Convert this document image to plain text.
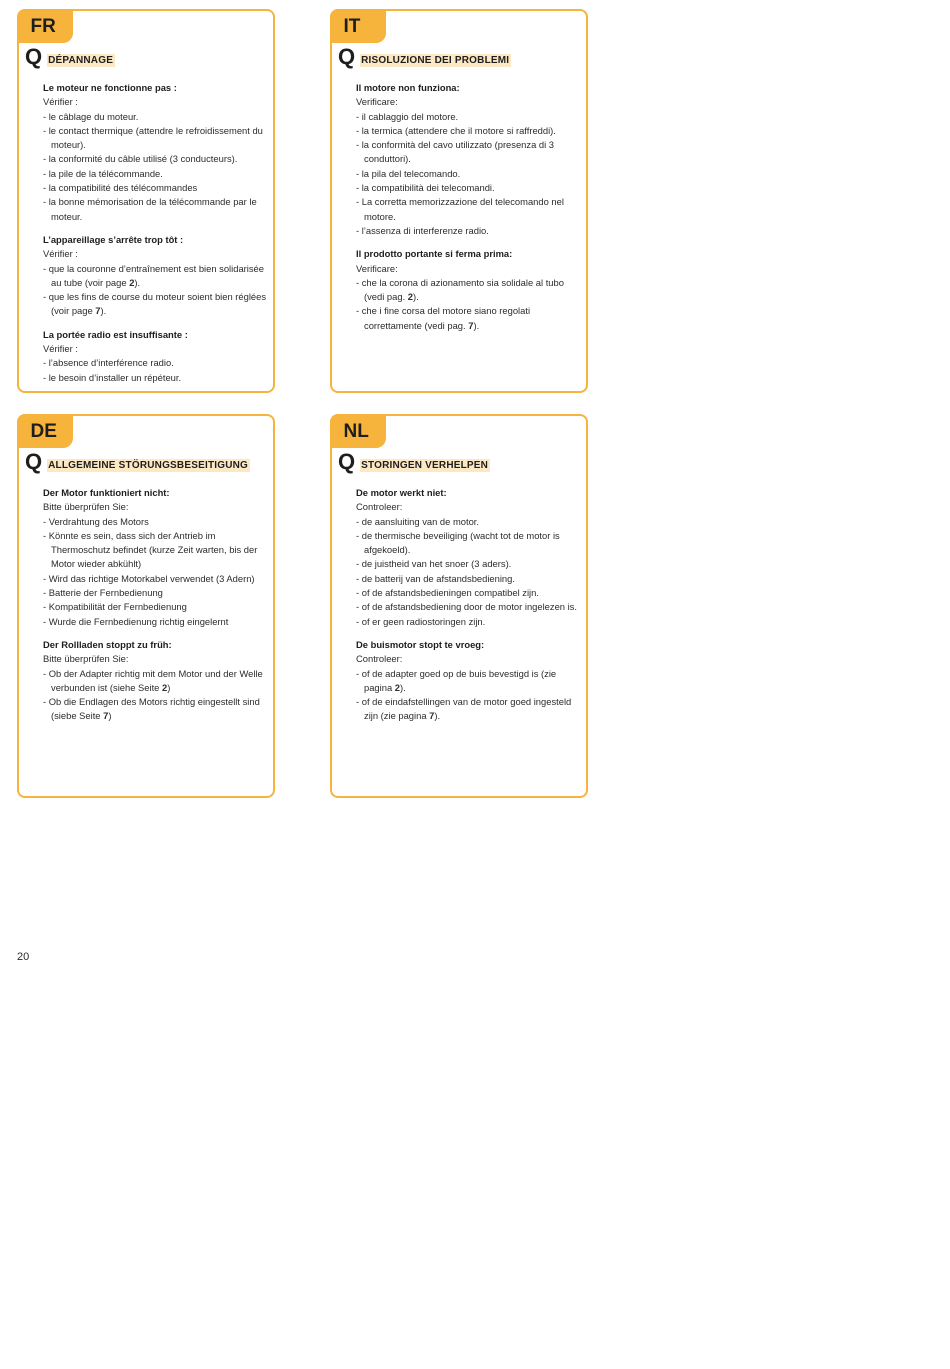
FR
Q DÉPANNAGE
Le moteur ne fonctionne pas :
Vérifier :
- le câblage du moteur.
- le contact thermique (attendre le refroidissement du moteur).
- la conformité du câble utilisé (3 conducteurs).
- la pile de la télécommande.
- la compatibilité des télécommandes
- la bonne mémorisation de la télécommande par le moteur.
L’appareillage s’arrête trop tôt :
Vérifier :
- que la couronne d’entraînement est bien solidarisée au tube (voir page 2).
- que les fins de course du moteur soient bien réglées (voir page 7).
La portée radio est insuffisante :
Vérifier :
- l’absence d’interférence radio.
- le besoin d’installer un répéteur.
IT
Q RISOLUZIONE DEI PROBLEMI
Il motore non funziona:
Verificare:
- il cablaggio del motore.
- la termica (attendere che il motore si raffreddi).
- la conformità del cavo utilizzato (presenza di 3 conduttori).
- la pila del telecomando.
- la compatibilità dei telecomandi.
- La corretta memorizzazione del telecomando nel motore.
- l’assenza di interferenze radio.
Il prodotto portante si ferma prima:
Verificare:
- che la corona di azionamento sia solidale al tubo (vedi pag. 2).
- che i fine corsa del motore siano regolati correttamente (vedi pag. 7).
DE
Q ALLGEMEINE STÖRUNGSBESEITIGUNG
Der Motor funktioniert nicht:
Bitte überprüfen Sie:
- Verdrahtung des Motors
- Könnte es sein, dass sich der Antrieb im Thermoschutz befindet (kurze Zeit warten, bis der Motor wieder abkühlt)
- Wird das richtige Motorkabel verwendet (3 Adern)
- Batterie der Fernbedienung
- Kompatibilität der Fernbedienung
- Wurde die Fernbedienung richtig eingelernt
Der Rollladen stoppt zu früh:
Bitte überprüfen Sie:
- Ob der Adapter richtig mit dem Motor und der Welle verbunden ist (siehe Seite 2)
- Ob die Endlagen des Motors richtig eingestellt sind (siebe Seite 7)
NL
Q STORINGEN VERHELPEN
De motor werkt niet:
Controleer:
- de aansluiting van de motor.
- de thermische beveiliging (wacht tot de motor is afgekoeld).
- de juistheid van het snoer (3 aders).
- de batterij van de afstandsbediening.
- of de afstandsbedieningen compatibel zijn.
- of de afstandsbediening door de motor ingelezen is.
- of er geen radiostoringen zijn.
De buismotor stopt te vroeg:
Controleer:
- of de adapter goed op de buis bevestigd is (zie pagina 2).
- of de eindafstellingen van de motor goed ingesteld zijn (zie pagina 7).
20
